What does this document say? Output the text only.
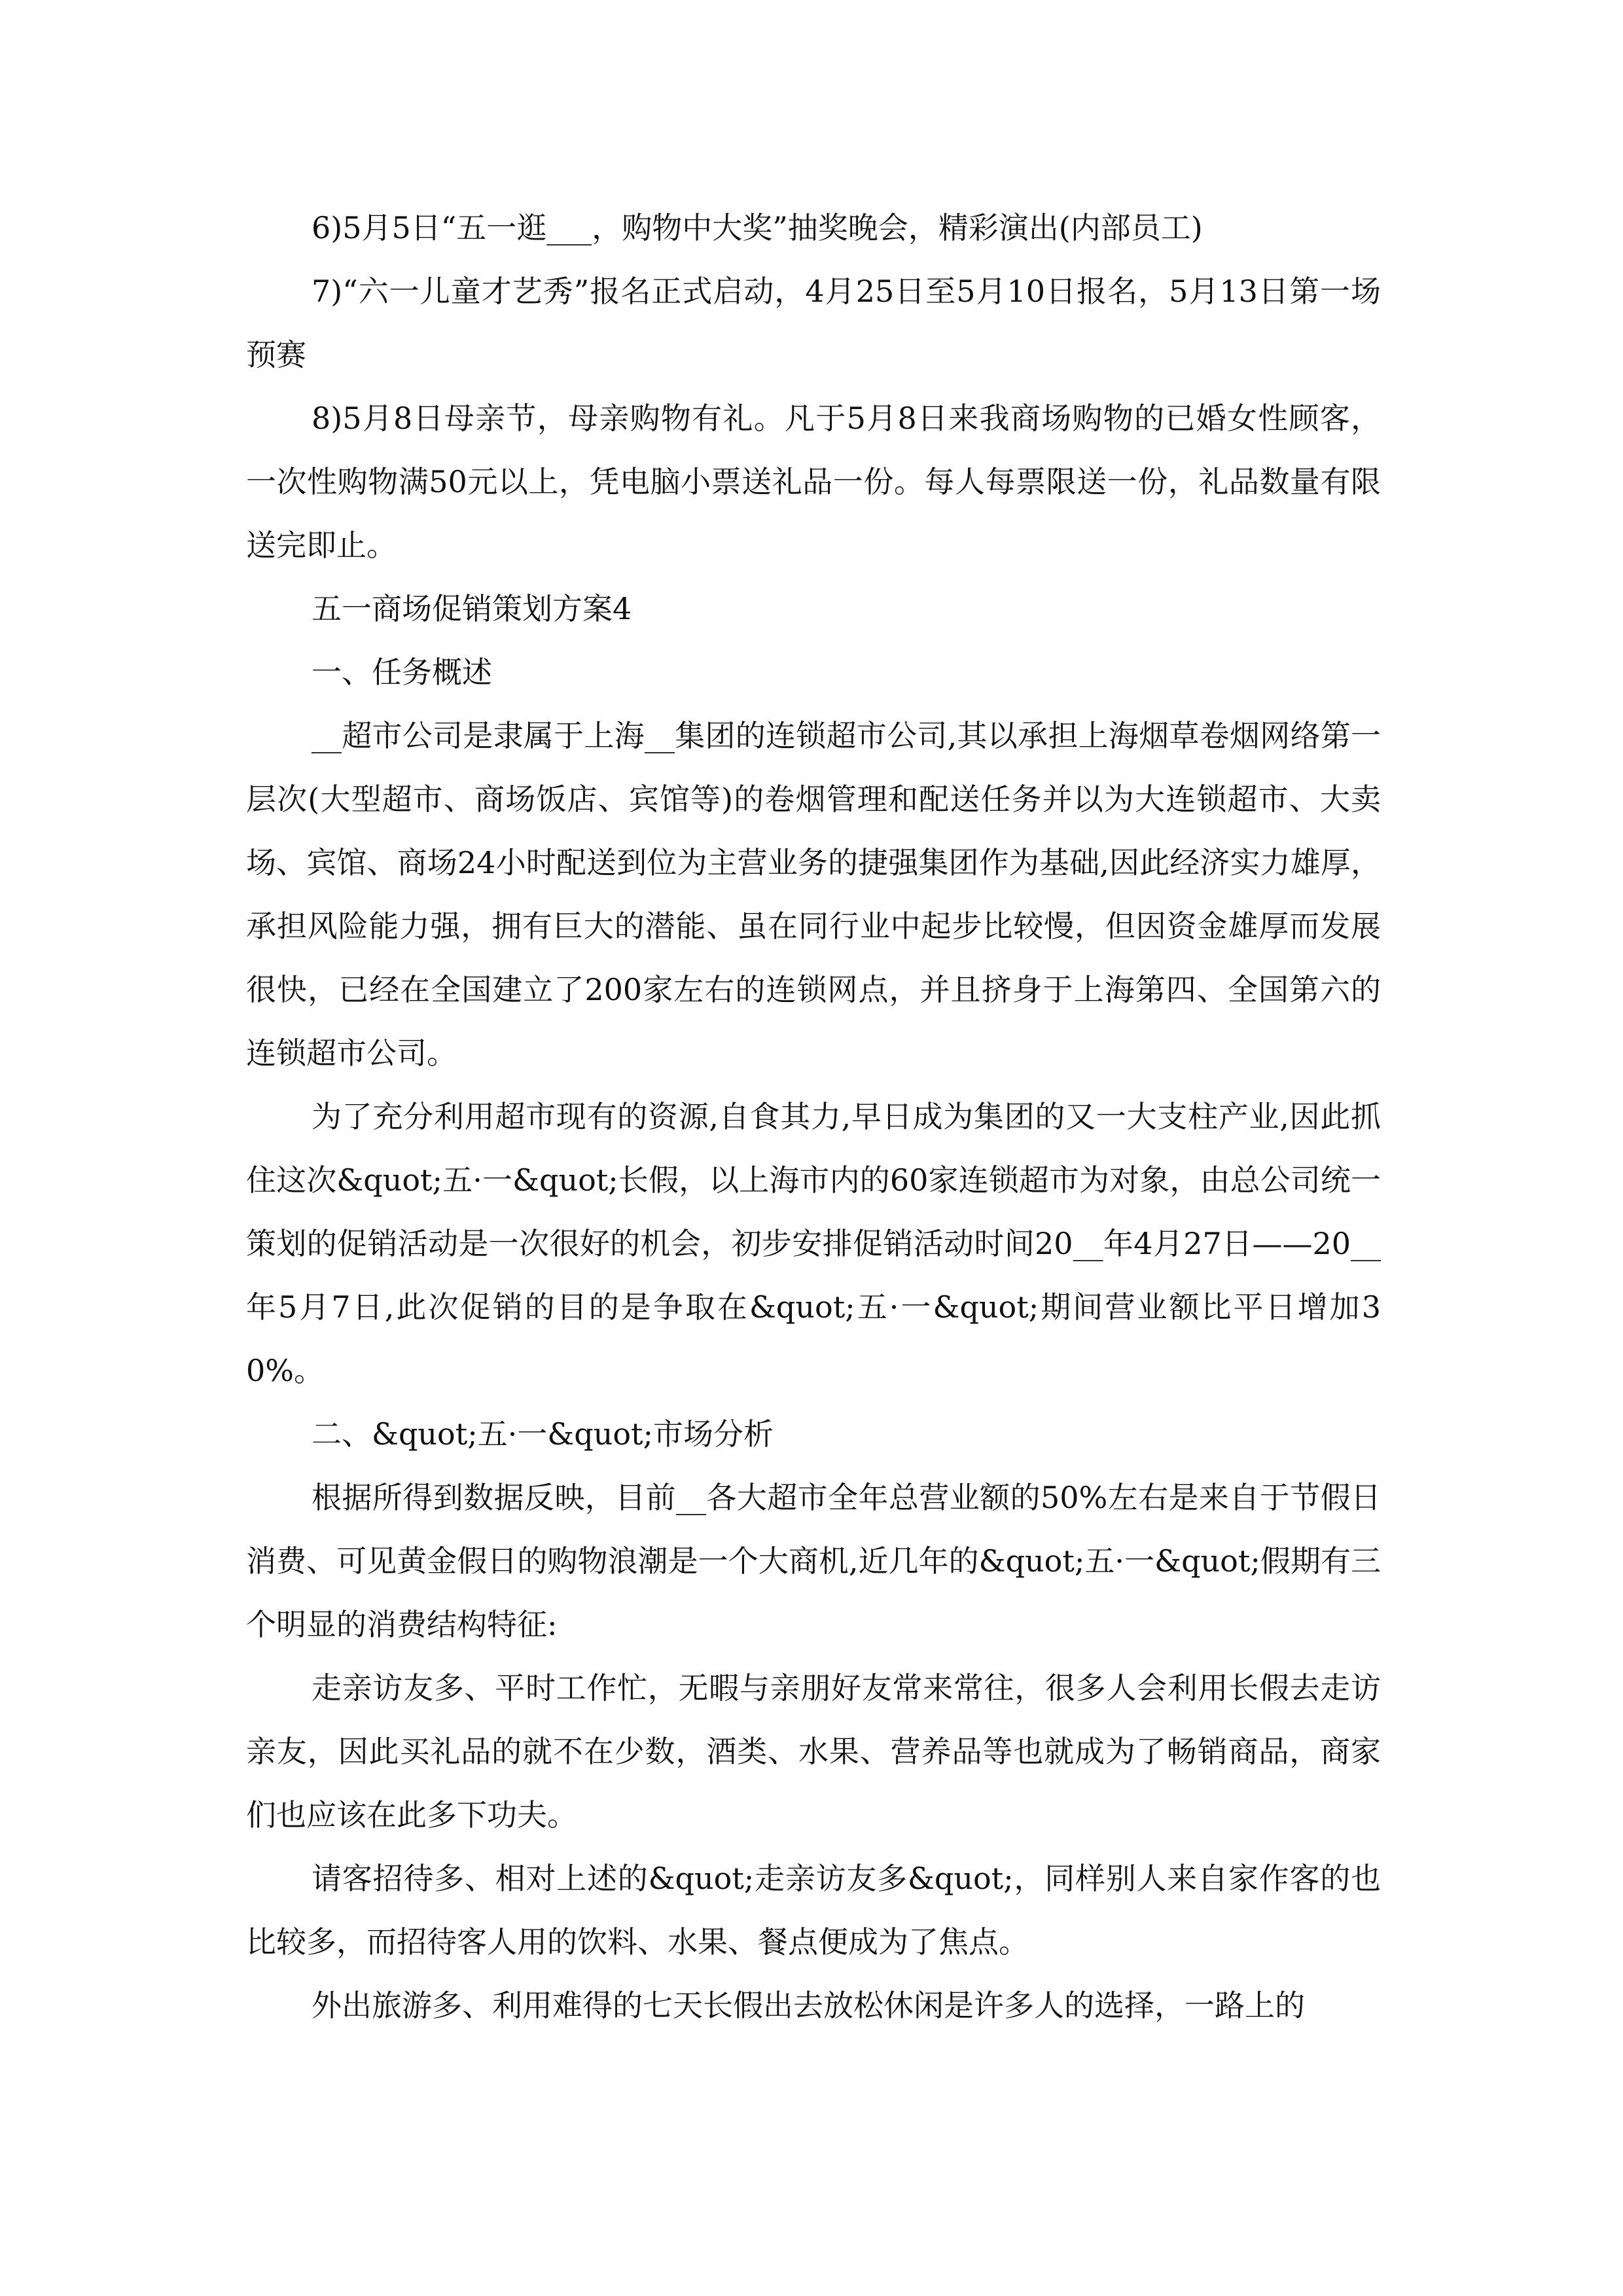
6)5月5日“五一逛___，购物中大奖”抽奖晚会，精彩演出(内部员工)

7)“六一儿童才艺秀”报名正式启动，4月25日至5月10日报名，5月13日第一场预赛

8)5月8日母亲节，母亲购物有礼。凡于5月8日来我商场购物的已婚女性顾客，一次性购物满50元以上，凭电脑小票送礼品一份。每人每票限送一份，礼品数量有限送完即止。

五一商场促销策划方案4

一、任务概述

__超市公司是隶属于上海__集团的连锁超市公司,其以承担上海烟草卷烟网络第一层次(大型超市、商场饭店、宾馆等)的卷烟管理和配送任务并以为大连锁超市、大卖场、宾馆、商场24小时配送到位为主营业务的捷强集团作为基础,因此经济实力雄厚，承担风险能力强，拥有巨大的潜能、虽在同行业中起步比较慢，但因资金雄厚而发展很快，已经在全国建立了200家左右的连锁网点，并且挤身于上海第四、全国第六的连锁超市公司。

为了充分利用超市现有的资源,自食其力,早日成为集团的又一大支柱产业,因此抓住这次&quot;五·一&quot;长假，以上海市内的60家连锁超市为对象，由总公司统一策划的促销活动是一次很好的机会，初步安排促销活动时间20__年4月27日——20__年5月7日,此次促销的目的是争取在&quot;五·一&quot;期间营业额比平日增加30%。

二、&quot;五·一&quot;市场分析

根据所得到数据反映，目前__各大超市全年总营业额的50%左右是来自于节假日消费、可见黄金假日的购物浪潮是一个大商机,近几年的&quot;五·一&quot;假期有三个明显的消费结构特征:

走亲访友多、平时工作忙，无暇与亲朋好友常来常往，很多人会利用长假去走访亲友，因此买礼品的就不在少数，酒类、水果、营养品等也就成为了畅销商品，商家们也应该在此多下功夫。

请客招待多、相对上述的&quot;走亲访友多&quot;，同样别人来自家作客的也比较多，而招待客人用的饮料、水果、餐点便成为了焦点。

外出旅游多、利用难得的七天长假出去放松休闲是许多人的选择，一路上的
